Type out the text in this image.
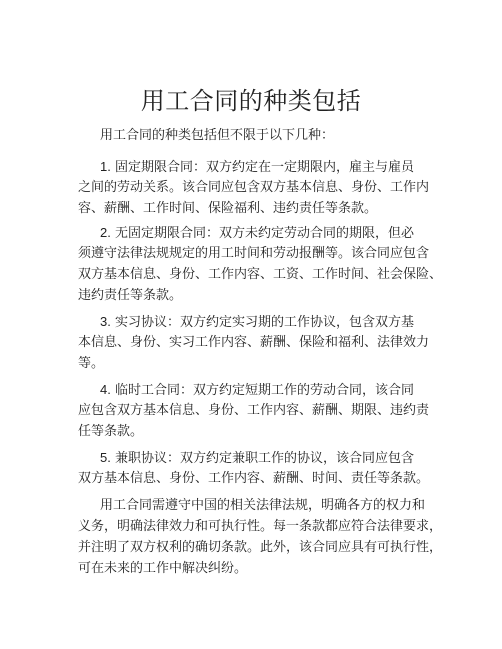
用工合同的种类包括
用工合同的种类包括但不限于以下几种：
1. 固定期限合同：双方约定在一定期限内，雇主与雇员
之间的劳动关系。该合同应包含双方基本信息、身份、工作内
容、薪酬、工作时间、保险福利、违约责任等条款。
2. 无固定期限合同：双方未约定劳动合同的期限，但必
须遵守法律法规规定的用工时间和劳动报酬等。该合同应包含
双方基本信息、身份、工作内容、工资、工作时间、社会保险、
违约责任等条款。
3. 实习协议：双方约定实习期的工作协议，包含双方基
本信息、身份、实习工作内容、薪酬、保险和福利、法律效力
等。
4. 临时工合同：双方约定短期工作的劳动合同，该合同
应包含双方基本信息、身份、工作内容、薪酬、期限、违约责
任等条款。
5. 兼职协议：双方约定兼职工作的协议，该合同应包含
双方基本信息、身份、工作内容、薪酬、时间、责任等条款。
用工合同需遵守中国的相关法律法规，明确各方的权力和
义务，明确法律效力和可执行性。每一条款都应符合法律要求，
并注明了双方权利的确切条款。此外，该合同应具有可执行性，
可在未来的工作中解决纠纷。
